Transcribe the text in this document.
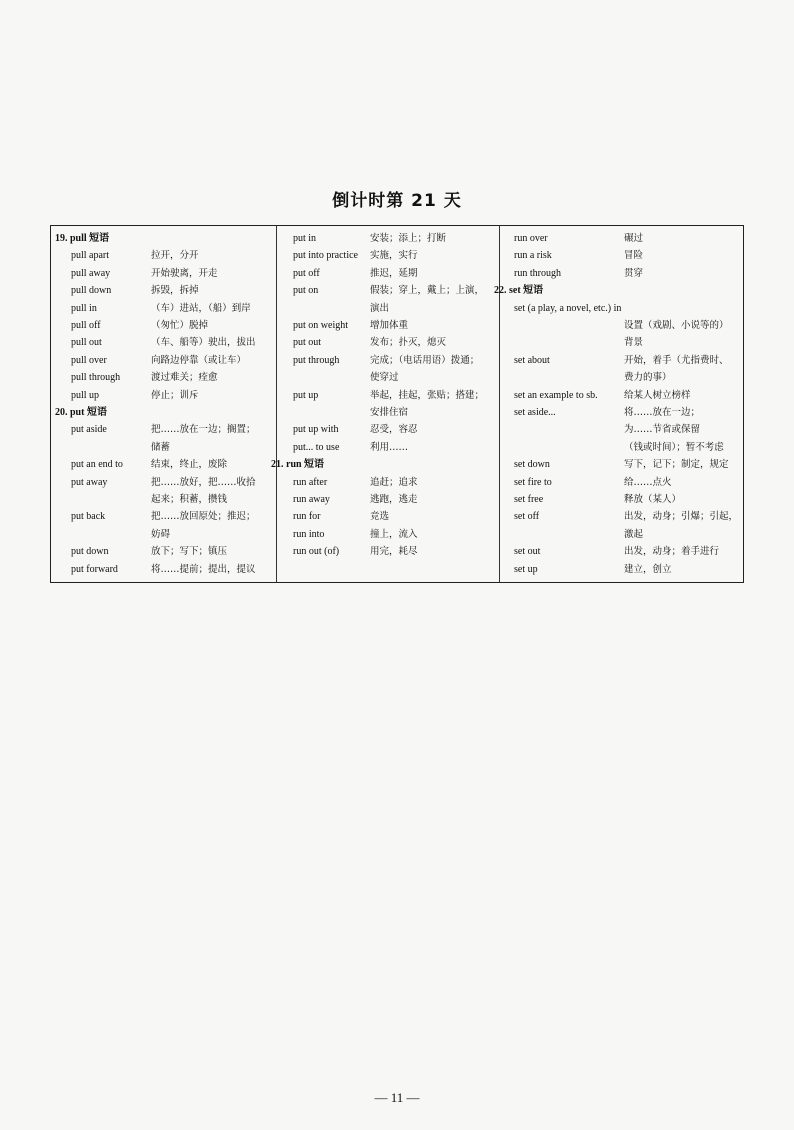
倒计时第 21 天
19. pull 短语
pull apart	拉开，分开
pull away	开始驶离，开走
pull down	拆毁，拆掉
pull in	（车）进站，（船）到岸
pull off	（匆忙）脱掉
pull out	（车、船等）驶出，拔出
pull over	向路边停靠（或让车）
pull through	渡过难关；痊愈
pull up	停止；训斥
20. put 短语
put aside	把……放在一边；搁置；
储蓄
put an end to	结束，终止，废除
put away	把……放好，把……收拾
起来；积蓄，攒钱
put back	把……放回原处；推迟；
妨碍
put down	放下；写下；镇压
put forward	将……提前；提出，提议
put in	安装；添上；打断
put into practice 实施，实行
put off	推迟，延期
put on	假装；穿上，戴上；上演，
演出
put on weight 增加体重
put out	发布；扑灭，熄灭
put through	完成；（电话用语）拨通；
使穿过
put up	举起，挂起，张贴；搭建；
安排住宿
put up with	忍受，容忍
put... to use	利用……
21. run 短语
run after	追赶；追求
run away	逃跑，逃走
run for	竞选
run into	撞上，流入
run out (of)	用完，耗尽
run over	碾过
run a risk	冒险
run through	贯穿
22. set 短语
set (a play, a novel, etc.) in
设置（戏剧、小说等的）
背景
set about	开始，着手（尤指费时、
费力的事）
set an example to sb.	给某人树立榜样
set aside...	将……放在一边；
为……节省或保留
（钱或时间）；暂不考虑
set down	写下，记下；制定，规定
set fire to	给……点火
set free	释放（某人）
set off	出发，动身；引爆；引起，
激起
set out	出发，动身；着手进行
set up	建立，创立
— 11 —
